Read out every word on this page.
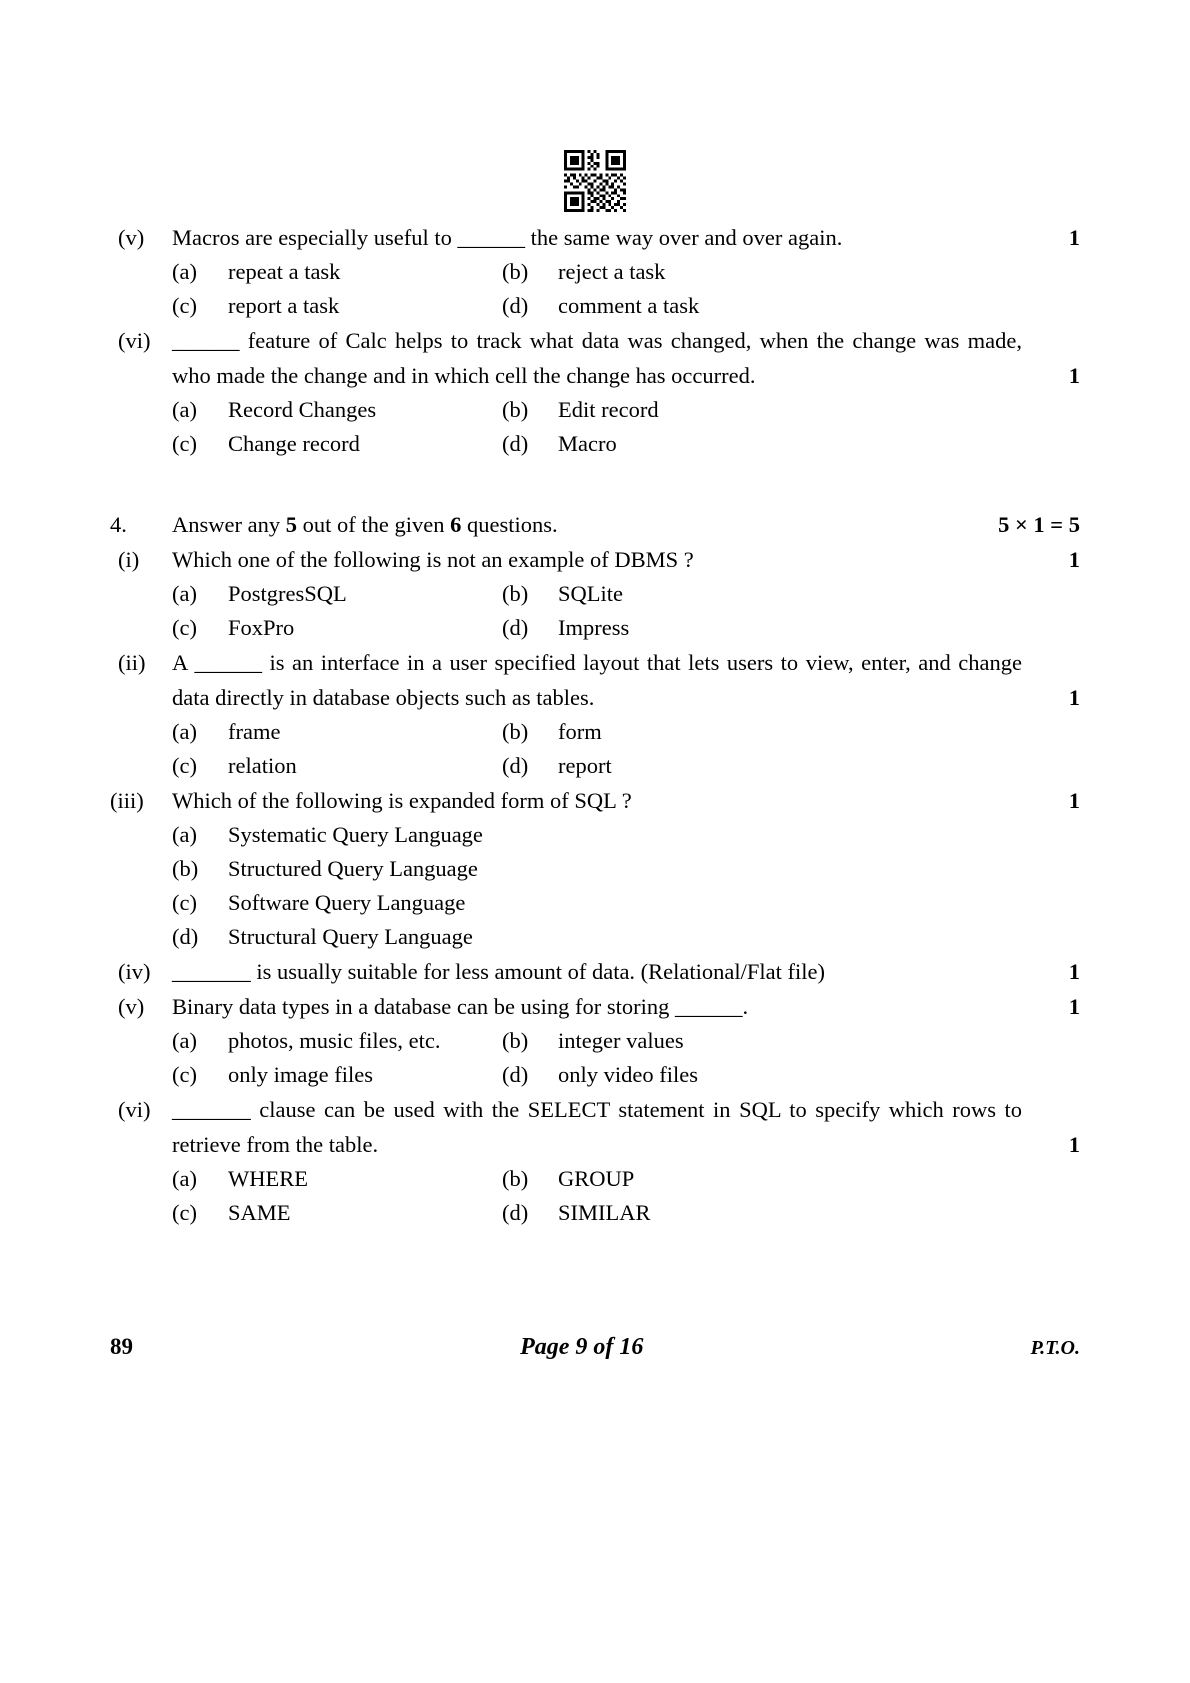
(v)	Macros are especially useful to ______ the same way over and over again.	1
(a)	repeat a task	(b)	reject a task
(c)	report a task	(d)	comment a task
(vi) ______ feature of Calc helps to track what data was changed, when the change was made, who made the change and in which cell the change has occurred.	1
(a)	Record Changes	(b)	Edit record
(c)	Change record	(d)	Macro
4.	Answer any 5 out of the given 6 questions.	5 × 1 = 5
(i)	Which one of the following is not an example of DBMS ?	1
(a)	PostgresSQL	(b)	SQLite
(c)	FoxPro	(d)	Impress
(ii)	A ______ is an interface in a user specified layout that lets users to view, enter, and change data directly in database objects such as tables.	1
(a)	frame	(b)	form
(c)	relation	(d)	report
(iii)	Which of the following is expanded form of SQL ?	1
(a)	Systematic Query Language
(b)	Structured Query Language
(c)	Software Query Language
(d)	Structural Query Language
(iv) _______ is usually suitable for less amount of data. (Relational/Flat file)	1
(v)	Binary data types in a database can be using for storing ______.	1
(a)	photos, music files, etc.	(b)	integer values
(c)	only image files	(d)	only video files
(vi) _______ clause can be used with the SELECT statement in SQL to specify which rows to retrieve from the table.	1
(a)	WHERE	(b)	GROUP
(c)	SAME	(d)	SIMILAR
89	Page 9 of 16	P.T.O.
